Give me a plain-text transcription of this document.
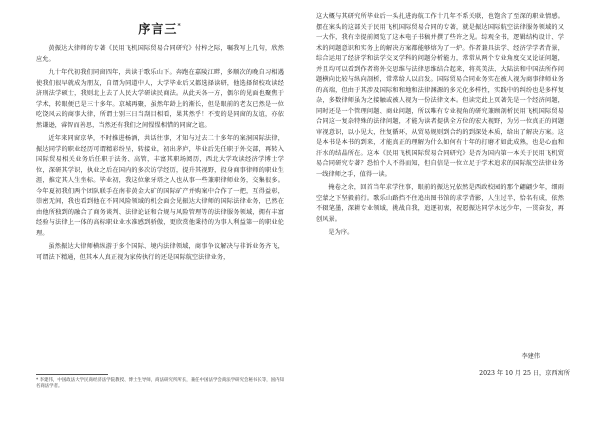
序言三*

黄振达大律师的专著《民用飞机国际贸易合同研究》付梓之际，嘱我写上几句，欣然应允。

九十年代初我们同窗四年，共读于歌乐山下。奔跑在嘉陵江畔，多顺次的晚自习相遇使我们很早就成为朋友，自谓为同道中人，大学毕业后又都选择读研，他选择留校攻读经济刑法学硕士，我则北上去了人民大学研读民商法。从此天各一方，偶尔的见面也聚焦于学术，转眼便已是三十多年。京城再聚，虽然年龄上的渐长，但是眼前的老友已然是一位吃饶风云的商事大律，所谓士别三日当刮目相看，果其然乎！不变的是同窗的友谊，亦依然谦逊，睿智而善思，当然还有我们之间惺惺相惜的同窗之谊。

近年来同窗京华，不时推进杨酒，共话往事，才知与过去二十多年的案洞国际法律，振达同学的职业经历可谓精彩纷呈，转接业，初出茅庐，毕业后先任职于外交部，再转入国际贸易相关业务后任职于法务、高管，丰富其职场阅历，西北大学攻读经济学博士学位，深研其学识，执业之后在国内的多次访学经历，提升其视野，投身商事律师的职业生涯，推定其人生坐标。毕业初，我这位象牙塔之人也从事一些兼职律师业务，交集很多。今年夏初我们两个团队联手在南非黄金大矿的国际矿产并购案中合作了一把，互得益彰，崇密无间，我也看到他在不同风险领域的机会面会见振达大律师的国际法律业务，已然在由他所独到的融合了商务谈判、法律论证和合规与风险管理等的法律服务领域，拥有丰富经验与法律上一体的高标职业业水准感到骄傲，更欣赏他秉持的为事人利益第一的职业伦理。

虽然振达大律师横纵游于多个国际、境内法律领域，商事争议解决与非诉业务齐飞，可谓法下精通，但其本人真正视为家传执行的还是国际航空法律业务，

* 李建伟，中国政法大学民商经济法学院教授、博士生导师，商法研究所所长，兼任中国法学会商法学研究会秘书长等，国内知名商法学者。

这大概与其研究所毕业后一头扎进海航工作十几年不系关联，也饱含了至深的职业情感。摆在案头的这部关于民用飞机国际贸易合同的专著，就是振达国际航空法律服务领域的又一大作，我有幸提前阅览了这本电子书稿并撰了些许之见。综观全书，逻辑结构设计、学术的问题意识和实务上的解决方案都能够熔为了一炉。作者兼具法学、经济学学者背景，综合运用了经济学和法学交叉学科的问题分析能力，常常从两个专业角度交叉论证问题，并且均可以看到作者将外交思维与法律思维结合起来，将英美法、大陆法和中国法所作问题横向比较与纵向剖析，常常给人以启发。国际贸易合同业务实在被人视为商事律师业务的高端，但由于其涉及国际和和地和法律渊源的多元化多样性，实践中的纠纷也是多样复杂，多数律师虽为之接触或被人视为一份法律文本。但读完此上页著先是一个经济问题，同时还是一个管理问题、商业问题，所以唯有专业视角的研究兼顾剖析民用飞机国际贸易合同这一复杂特殊的法律问题，才能为读者提供全方位的宏大视野，为另一位真正的问题审视意识，以小见大，往复循环，从贸易规则到合约的到深处本质，给出了解决方案。这是本书是本书的到来，才能真正的理解为什么如何有十年的打磨才如此成熟，也是心血和汗水的结晶所在。这本《民用飞机国际贸易合同研究》是否为国内第一本关于民用飞机贸易合同研究专著？恐怕个人不得而知，但自信是一位立足于学术追求的国际航空法律业务一线律师之手，值得一读。

掩卷之余，回首当年求学往事，眼前的振达兄依然是西政校园的那个翩翩少年，细雨空蒙之下坚毅前行。歌乐山路挡不住追出图书馆的求学背影，人生过半，恰名有成，依然不辍笔墨，深耕专业领域，挑战自我，追逐初衷，祝愿振达同学永远少年，一贯奋发，再创风景。

是为序。

李建伟
2023 年 10 月 25 日，京西寓所
